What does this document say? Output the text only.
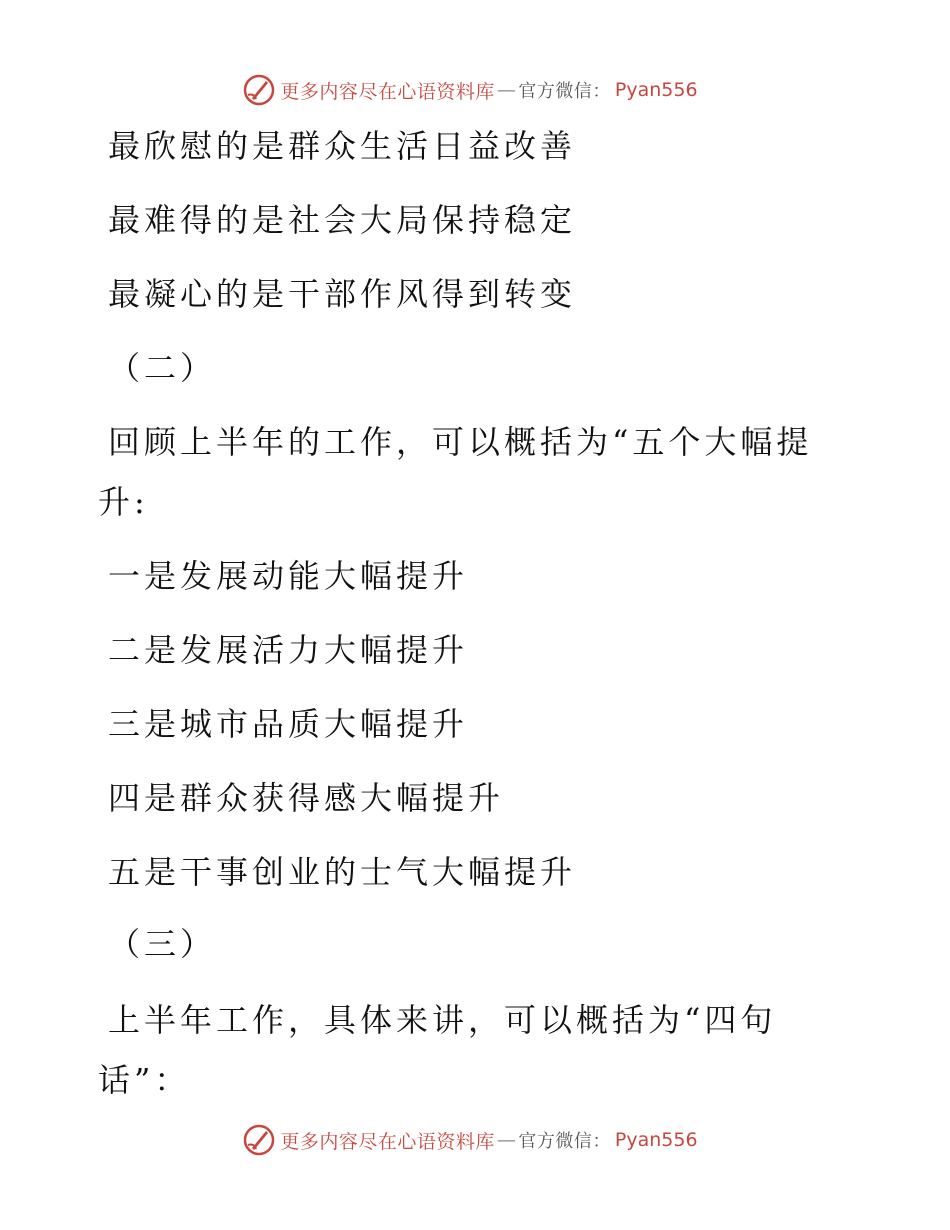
更多内容尽在心语资料库 — 官方微信： Pyan556
最欣慰的是群众生活日益改善
最难得的是社会大局保持稳定
最凝心的是干部作风得到转变
（二）
回顾上半年的工作，可以概括为“五个大幅提
升:
一是发展动能大幅提升
二是发展活力大幅提升
三是城市品质大幅提升
四是群众获得感大幅提升
五是干事创业的士气大幅提升
（三）
上半年工作，具体来讲，可以概括为“四句
话”：
更多内容尽在心语资料库 — 官方微信： Pyan556
